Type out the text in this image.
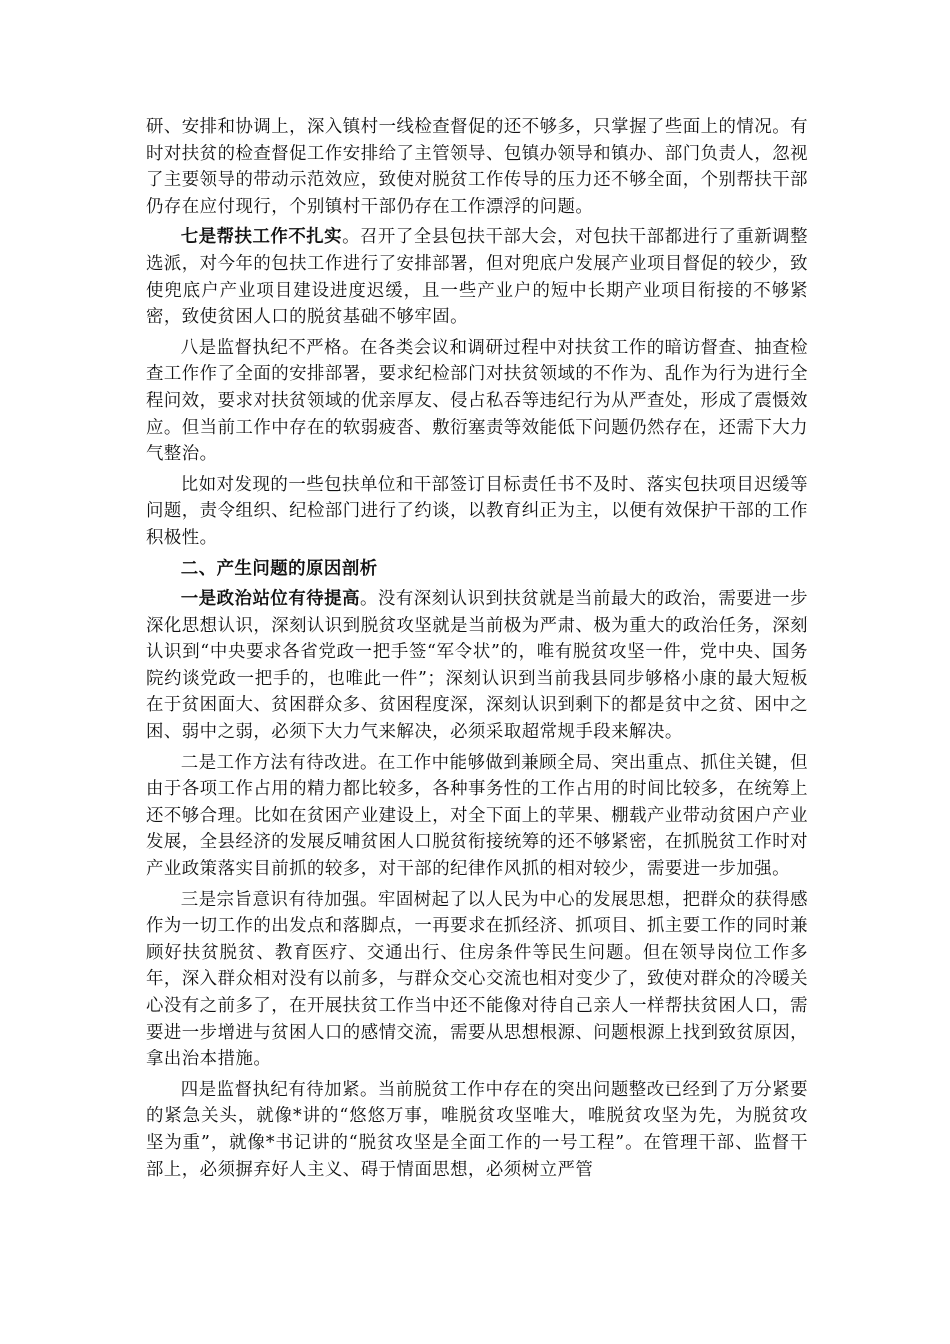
研、安排和协调上，深入镇村一线检查督促的还不够多，只掌握了些面上的情况。有时对扶贫的检查督促工作安排给了主管领导、包镇办领导和镇办、部门负责人，忽视了主要领导的带动示范效应，致使对脱贫工作传导的压力还不够全面，个别帮扶干部仍存在应付现行，个别镇村干部仍存在工作漂浮的问题。

七是帮扶工作不扎实。召开了全县包扶干部大会，对包扶干部都进行了重新调整选派，对今年的包扶工作进行了安排部署，但对兜底户发展产业项目督促的较少，致使兜底户产业项目建设进度迟缓，且一些产业户的短中长期产业项目衔接的不够紧密，致使贫困人口的脱贫基础不够牢固。

八是监督执纪不严格。在各类会议和调研过程中对扶贫工作的暗访督查、抽查检查工作作了全面的安排部署，要求纪检部门对扶贫领域的不作为、乱作为行为进行全程问效，要求对扶贫领域的优亲厚友、侵占私吞等违纪行为从严查处，形成了震慑效应。但当前工作中存在的软弱疲沓、敷衍塞责等效能低下问题仍然存在，还需下大力气整治。

比如对发现的一些包扶单位和干部签订目标责任书不及时、落实包扶项目迟缓等问题，责令组织、纪检部门进行了约谈，以教育纠正为主，以便有效保护干部的工作积极性。

二、产生问题的原因剖析

一是政治站位有待提高。没有深刻认识到扶贫就是当前最大的政治，需要进一步深化思想认识，深刻认识到脱贫攻坚就是当前极为严肃、极为重大的政治任务，深刻认识到“中央要求各省党政一把手签“军令状”的，唯有脱贫攻坚一件，党中央、国务院约谈党政一把手的，也唯此一件”；深刻认识到当前我县同步够格小康的最大短板在于贫困面大、贫困群众多、贫困程度深，深刻认识到剩下的都是贫中之贫、困中之困、弱中之弱，必须下大力气来解决，必须采取超常规手段来解决。

二是工作方法有待改进。在工作中能够做到兼顾全局、突出重点、抓住关键，但由于各项工作占用的精力都比较多，各种事务性的工作占用的时间比较多，在统筹上还不够合理。比如在贫困产业建设上，对全下面上的苹果、棚载产业带动贫困户产业发展，全县经济的发展反哺贫困人口脱贫衔接统筹的还不够紧密，在抓脱贫工作时对产业政策落实目前抓的较多，对干部的纪律作风抓的相对较少，需要进一步加强。

三是宗旨意识有待加强。牢固树起了以人民为中心的发展思想，把群众的获得感作为一切工作的出发点和落脚点，一再要求在抓经济、抓项目、抓主要工作的同时兼顾好扶贫脱贫、教育医疗、交通出行、住房条件等民生问题。但在领导岗位工作多年，深入群众相对没有以前多，与群众交心交流也相对变少了，致使对群众的冷暖关心没有之前多了，在开展扶贫工作当中还不能像对待自己亲人一样帮扶贫困人口，需要进一步增进与贫困人口的感情交流，需要从思想根源、问题根源上找到致贫原因，拿出治本措施。

四是监督执纪有待加紧。当前脱贫工作中存在的突出问题整改已经到了万分紧要的紧急关头，就像*讲的“悠悠万事，唯脱贫攻坚唯大，唯脱贫攻坚为先，为脱贫攻坚为重”，就像*书记讲的“脱贫攻坚是全面工作的一号工程”。在管理干部、监督干部上，必须摒弃好人主义、碍于情面思想，必须树立严管
